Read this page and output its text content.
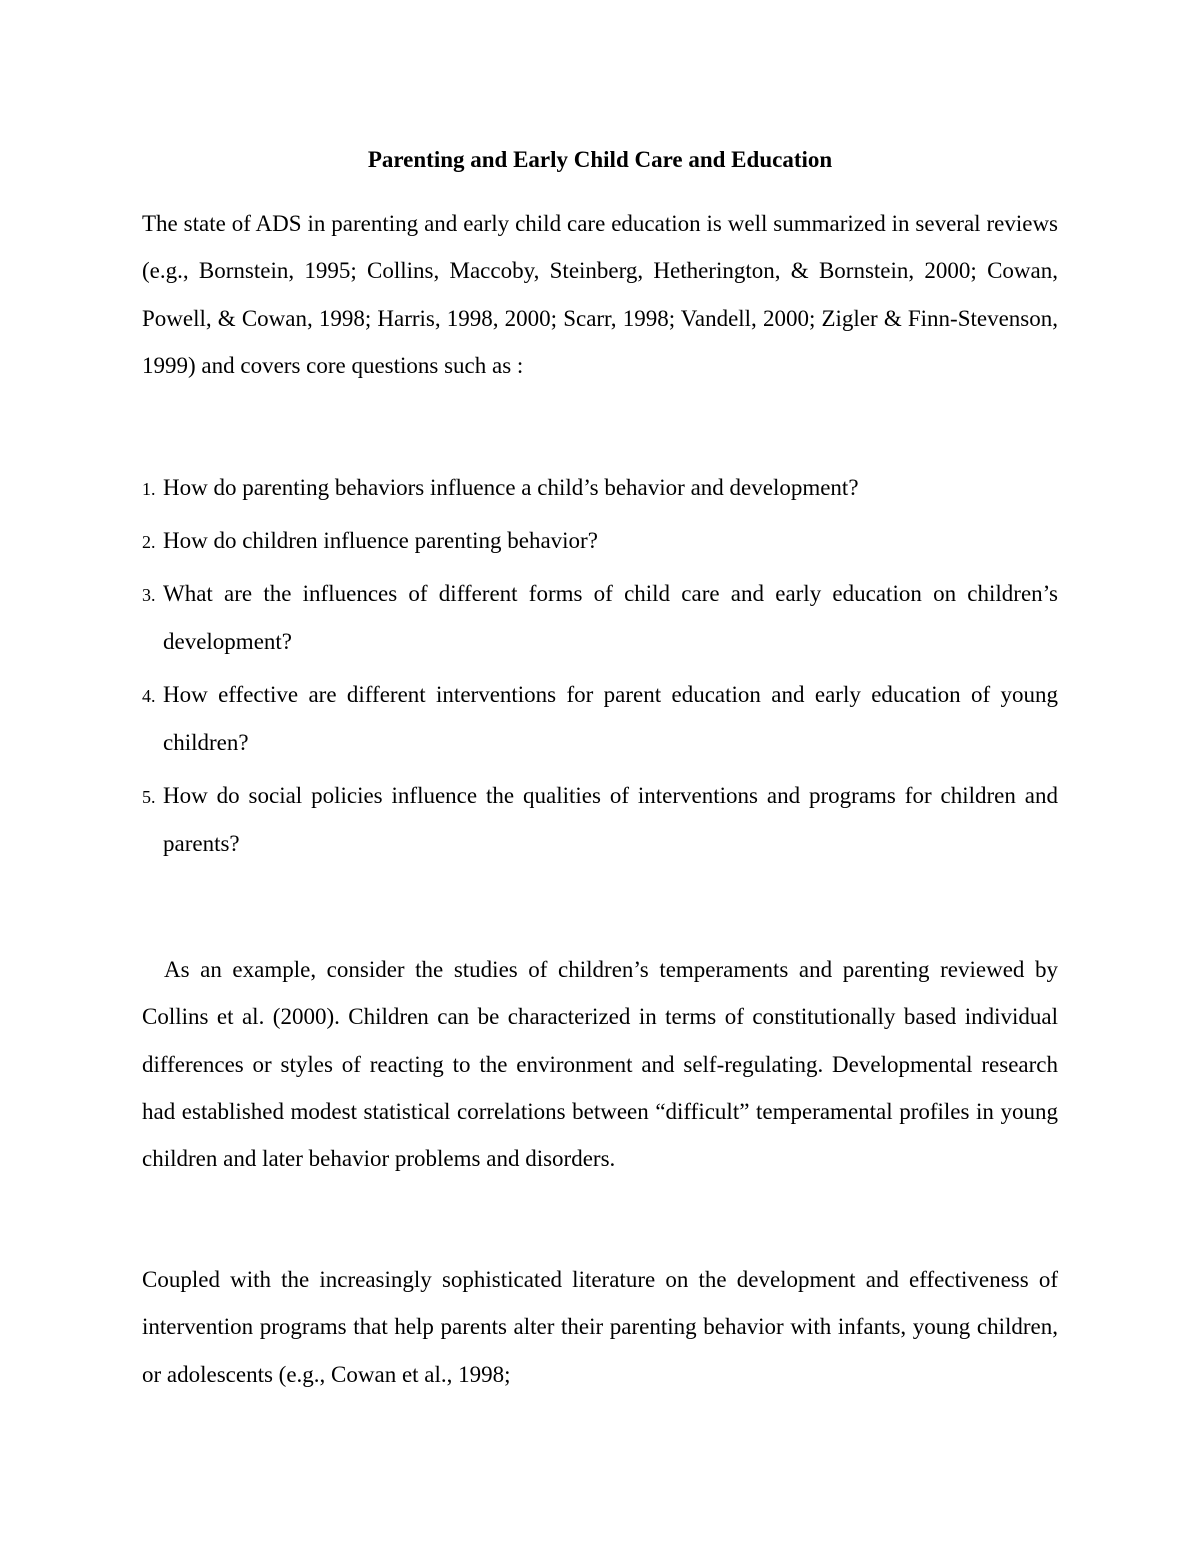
Parenting and Early Child Care and Education

The state of ADS in parenting and early child care education is well summarized in several reviews (e.g., Bornstein, 1995; Collins, Maccoby, Steinberg, Hetherington, & Bornstein, 2000; Cowan, Powell, & Cowan, 1998; Harris, 1998, 2000; Scarr, 1998; Vandell, 2000; Zigler & Finn-Stevenson, 1999) and covers core questions such as :

1. How do parenting behaviors influence a child’s behavior and development?
2. How do children influence parenting behavior?
3. What are the influences of different forms of child care and early education on children’s development?
4. How effective are different interventions for parent education and early education of young children?
5. How do social policies influence the qualities of interventions and programs for children and parents?

As an example, consider the studies of children’s temperaments and parenting reviewed by Collins et al. (2000). Children can be characterized in terms of constitutionally based individual differences or styles of reacting to the environment and self-regulating. Developmental research had established modest statistical correlations between “difficult” temperamental profiles in young children and later behavior problems and disorders.

Coupled with the increasingly sophisticated literature on the development and effectiveness of intervention programs that help parents alter their parenting behavior with infants, young children, or adolescents (e.g., Cowan et al., 1998;
